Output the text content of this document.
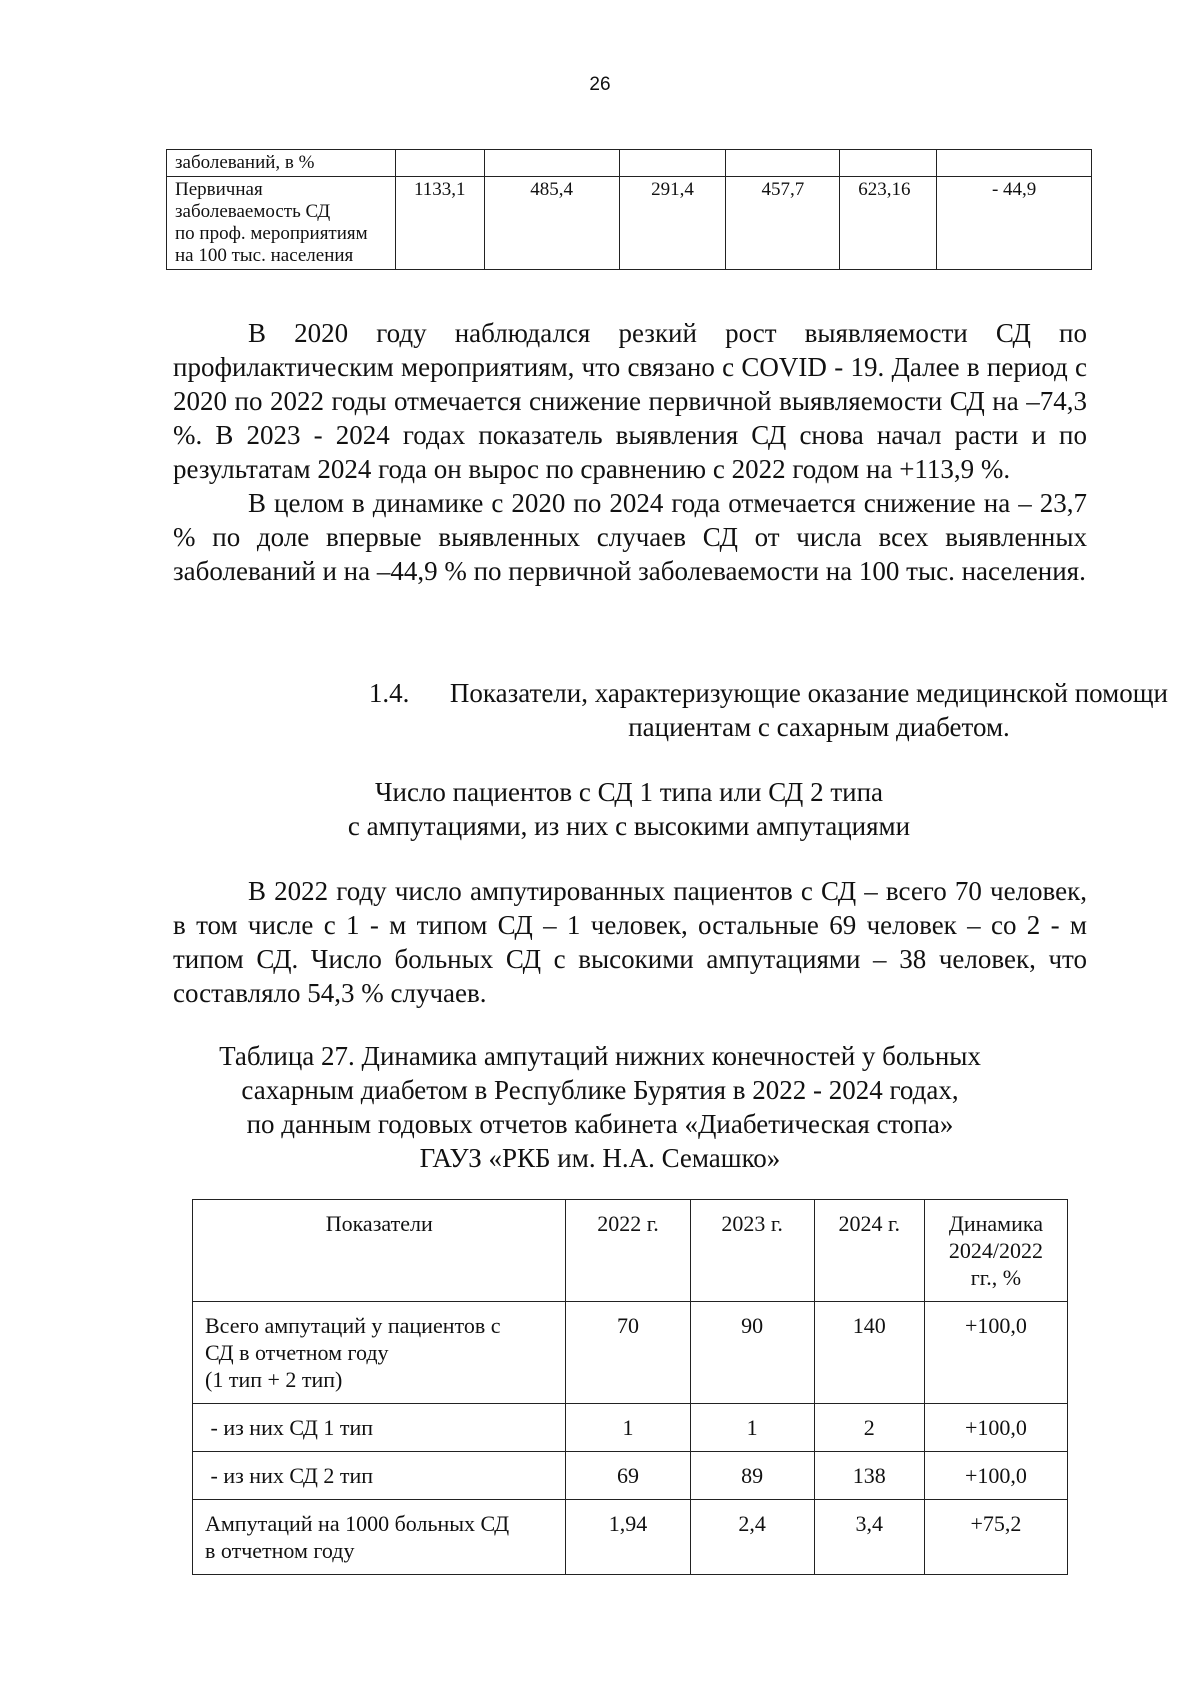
26
заболеваний, в %						

Первичная
заболеваемость СД
по проф. мероприятиям
на 100 тыс. населения	1133,1	485,4	291,4	457,7	623,16	- 44,9

В 2020 году наблюдался резкий рост выявляемости СД по профилактическим мероприятиям, что связано с COVID - 19. Далее в период с 2020 по 2022 годы отмечается снижение первичной выявляемости СД на –74,3 %. В 2023 - 2024 годах показатель выявления СД снова начал расти и по результатам 2024 года он вырос по сравнению с 2022 годом на +113,9 %.

В целом в динамике с 2020 по 2024 года отмечается снижение на – 23,7 % по доле впервые выявленных случаев СД от числа всех выявленных заболеваний и на –44,9 % по первичной заболеваемости на 100 тыс. населения.

1.4. Показатели, характеризующие оказание медицинской помощи
пациентам с сахарным диабетом.
Число пациентов с СД 1 типа или СД 2 типа
с ампутациями, из них с высокими ампутациями

В 2022 году число ампутированных пациентов с СД – всего 70 человек, в том числе с 1 - м типом СД – 1 человек, остальные 69 человек – со 2 - м типом СД. Число больных СД с высокими ампутациями – 38 человек, что составляло 54,3 % случаев.

Таблица 27. Динамика ампутаций нижних конечностей у больных
сахарным диабетом в Республике Бурятия в 2022 - 2024 годах,
по данным годовых отчетов кабинета «Диабетическая стопа»
ГАУЗ «РКБ им. Н.А. Семашко»
Показатели	2022 г.	2023 г.	2024 г.	Динамика
2024/2022
гг., %

Всего ампутаций у пациентов с
СД в отчетном году
(1 тип + 2 тип)	70	90	140	+100,0
- из них СД 1 тип	1	1	2	+100,0
- из них СД 2 тип	69	89	138	+100,0

Ампутаций на 1000 больных СД
в отчетном году	1,94	2,4	3,4	+75,2
